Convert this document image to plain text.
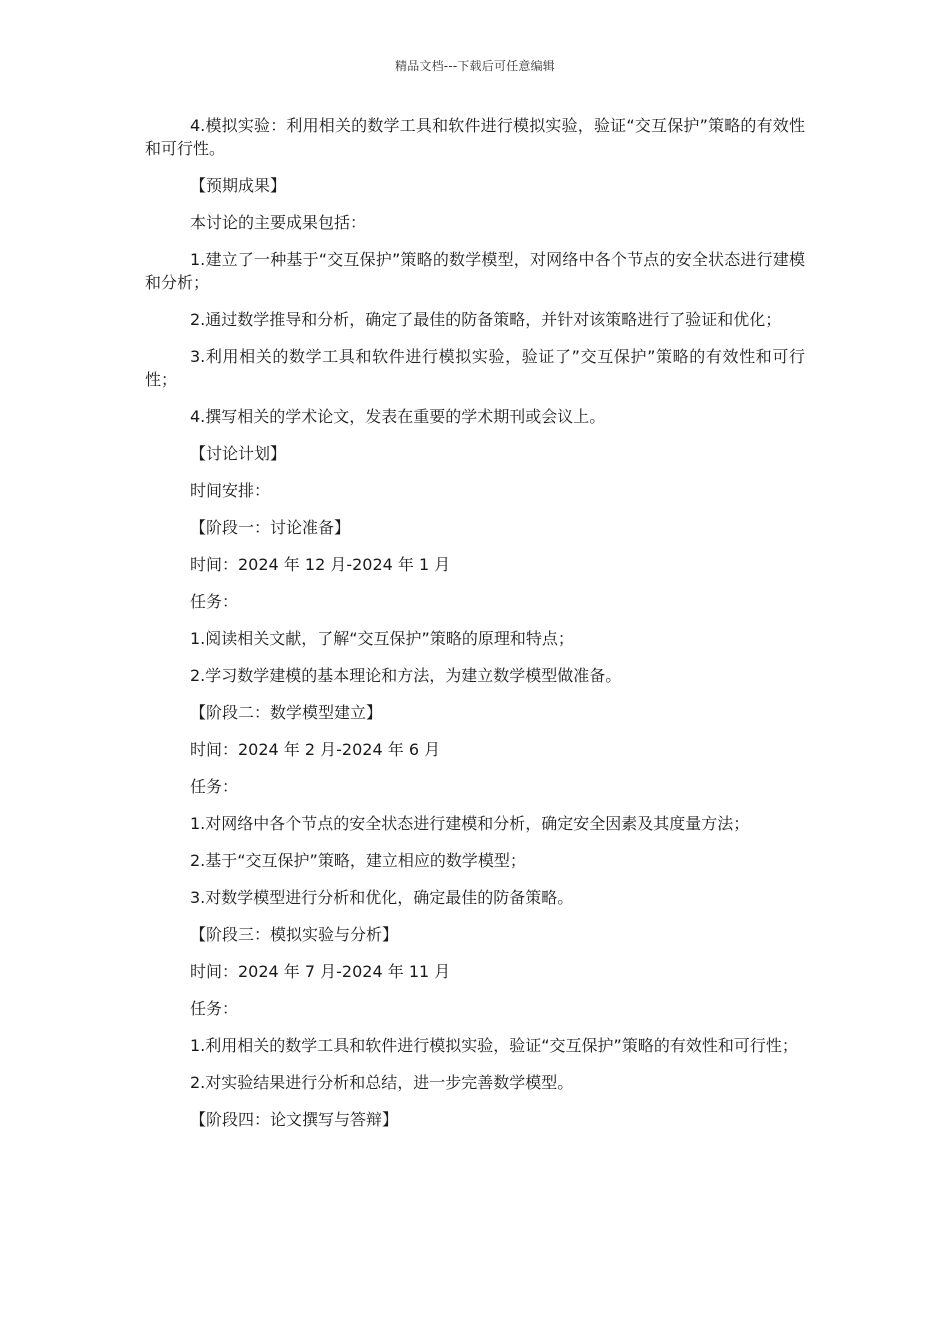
精品文档---下载后可任意编辑

4.模拟实验：利用相关的数学工具和软件进行模拟实验，验证“交互保护”策略的有效性和可行性。

【预期成果】

本讨论的主要成果包括：

1.建立了一种基于“交互保护”策略的数学模型，对网络中各个节点的安全状态进行建模和分析；

2.通过数学推导和分析，确定了最佳的防备策略，并针对该策略进行了验证和优化；

3.利用相关的数学工具和软件进行模拟实验，验证了”交互保护”策略的有效性和可行性；

4.撰写相关的学术论文，发表在重要的学术期刊或会议上。

【讨论计划】

时间安排：

【阶段一：讨论准备】

时间：2024 年 12 月-2024 年 1 月

任务：

1.阅读相关文献，了解“交互保护”策略的原理和特点；

2.学习数学建模的基本理论和方法，为建立数学模型做准备。

【阶段二：数学模型建立】

时间：2024 年 2 月-2024 年 6 月

任务：

1.对网络中各个节点的安全状态进行建模和分析，确定安全因素及其度量方法；

2.基于“交互保护”策略，建立相应的数学模型；

3.对数学模型进行分析和优化，确定最佳的防备策略。

【阶段三：模拟实验与分析】

时间：2024 年 7 月-2024 年 11 月

任务：

1.利用相关的数学工具和软件进行模拟实验，验证“交互保护”策略的有效性和可行性；

2.对实验结果进行分析和总结，进一步完善数学模型。

【阶段四：论文撰写与答辩】
